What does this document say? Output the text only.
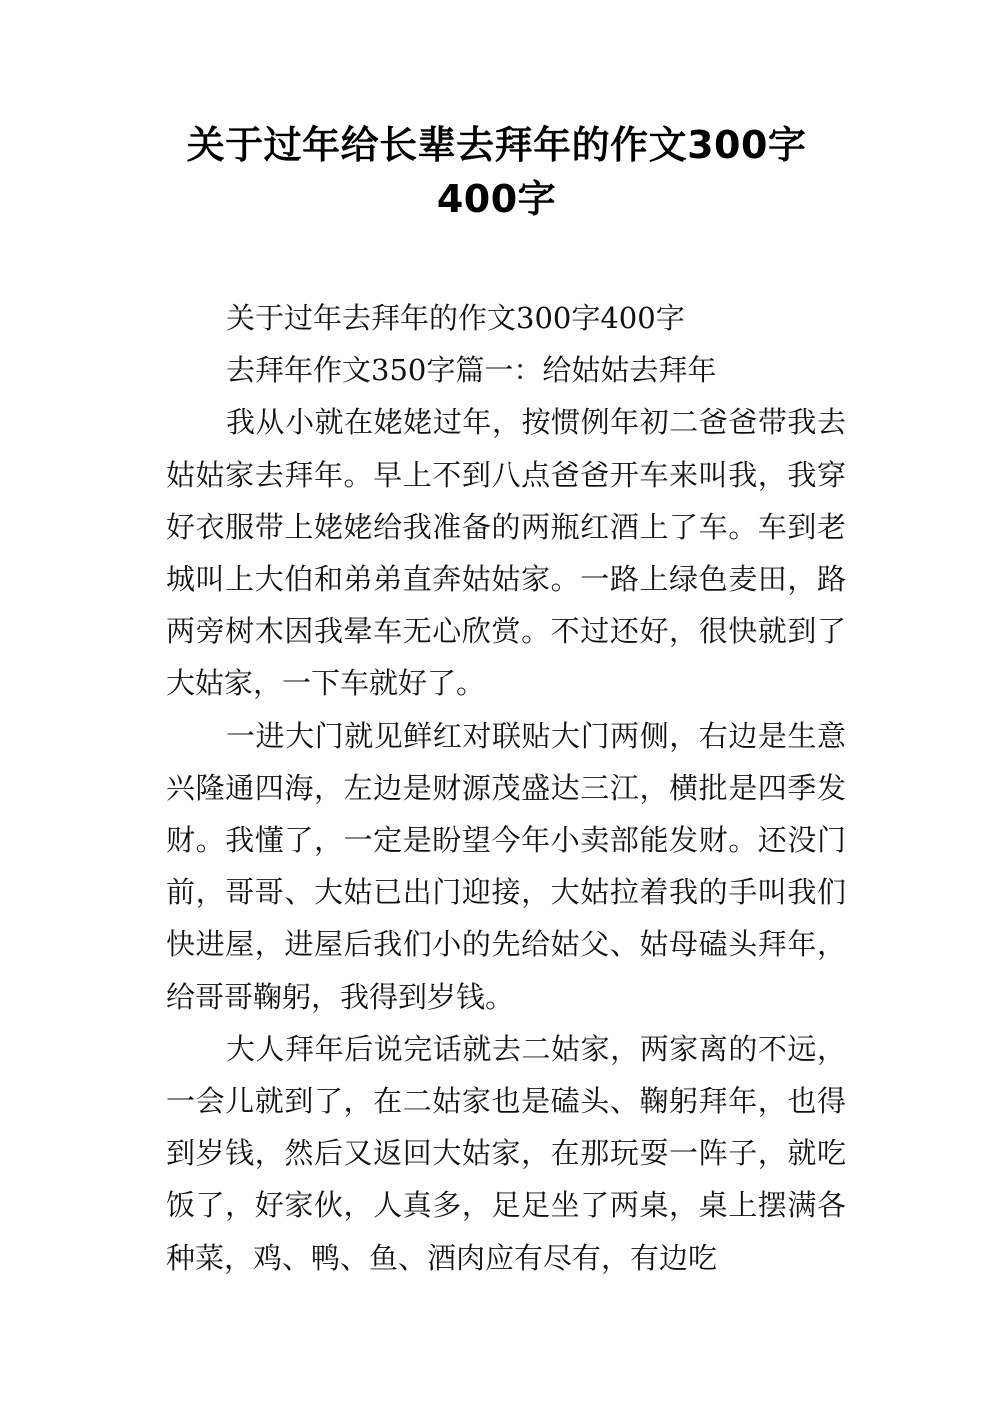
关于过年给长辈去拜年的作文300字
400字

关于过年去拜年的作文300字400字

去拜年作文350字篇一：给姑姑去拜年

我从小就在姥姥过年，按惯例年初二爸爸带我去姑姑家去拜年。早上不到八点爸爸开车来叫我，我穿好衣服带上姥姥给我准备的两瓶红酒上了车。车到老城叫上大伯和弟弟直奔姑姑家。一路上绿色麦田，路两旁树木因我晕车无心欣赏。不过还好，很快就到了大姑家，一下车就好了。

一进大门就见鲜红对联贴大门两侧，右边是生意兴隆通四海，左边是财源茂盛达三江，横批是四季发财。我懂了，一定是盼望今年小卖部能发财。还没门前，哥哥、大姑已出门迎接，大姑拉着我的手叫我们快进屋，进屋后我们小的先给姑父、姑母磕头拜年，给哥哥鞠躬，我得到岁钱。

大人拜年后说完话就去二姑家，两家离的不远，一会儿就到了，在二姑家也是磕头、鞠躬拜年，也得到岁钱，然后又返回大姑家，在那玩耍一阵子，就吃饭了，好家伙，人真多，足足坐了两桌，桌上摆满各种菜，鸡、鸭、鱼、酒肉应有尽有，有边吃
